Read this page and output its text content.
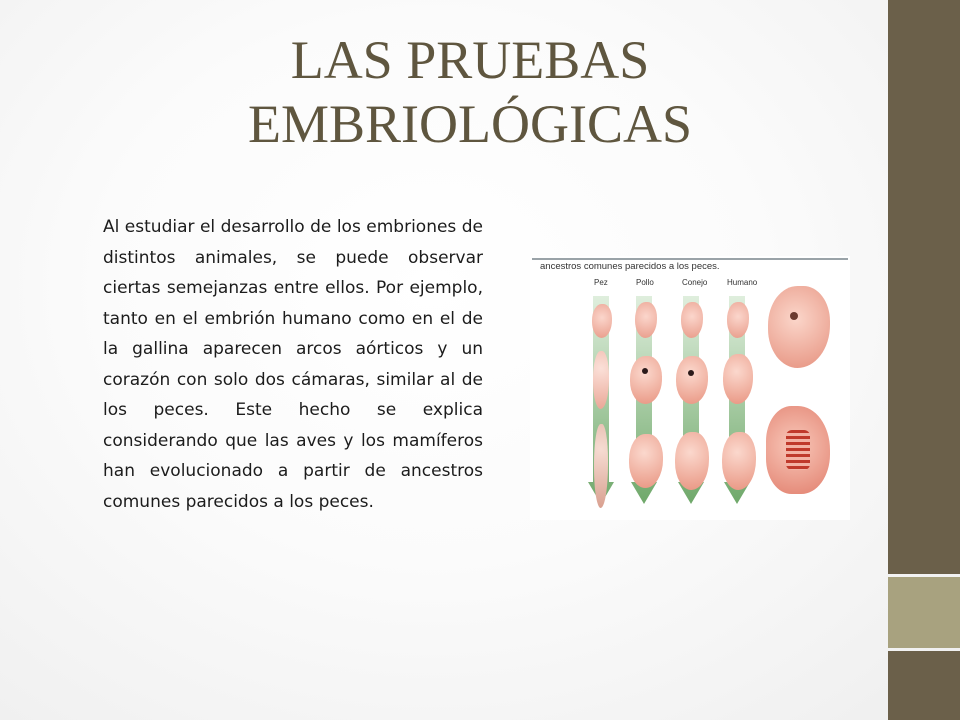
LAS PRUEBAS
EMBRIOLÓGICAS

Al estudiar el desarrollo de los embriones de distintos animales, se puede observar ciertas semejanzas entre ellos. Por ejemplo, tanto en el embrión humano como en el de la gallina aparecen arcos aórticos y un corazón con solo dos cámaras, similar al de los peces. Este hecho se explica considerando que las aves y los mamíferos han evolucionado a partir de ancestros comunes parecidos a los peces.

ancestros comunes parecidos a los peces.
Pez	Pollo	Conejo Humano
